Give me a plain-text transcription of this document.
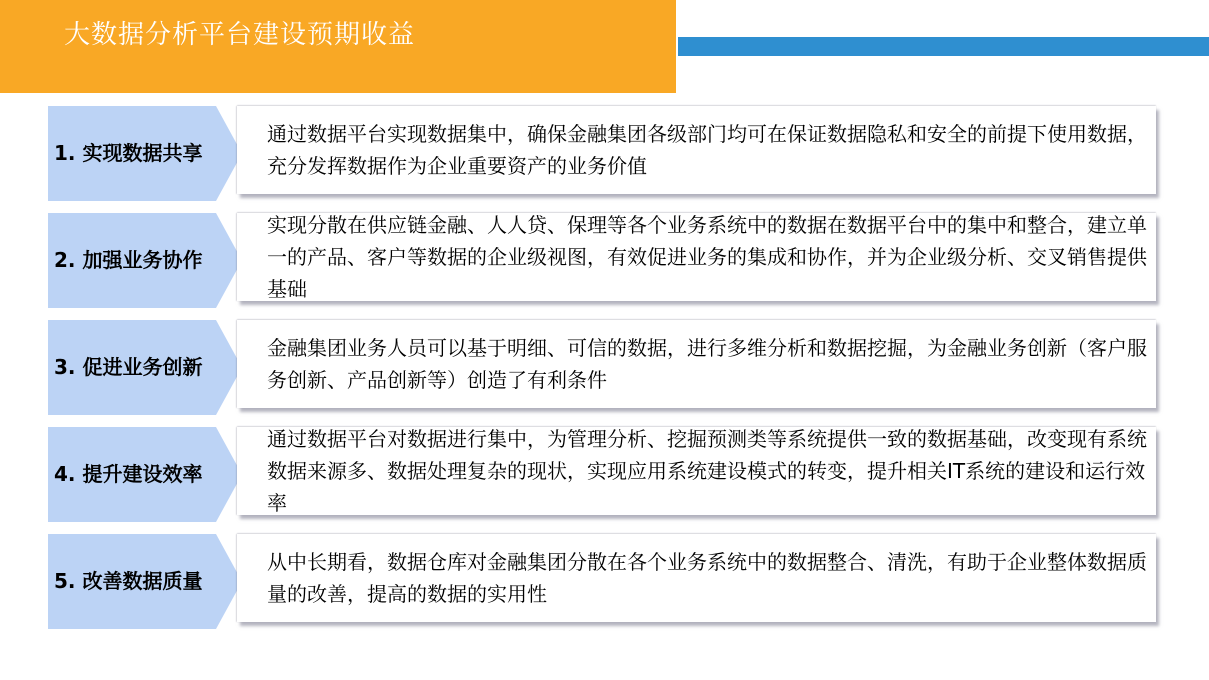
大数据分析平台建设预期收益
1. 实现数据共享
通过数据平台实现数据集中，确保金融集团各级部门均可在保证数据隐私和安全的前提下使用数据，充分发挥数据作为企业重要资产的业务价值
2. 加强业务协作
实现分散在供应链金融、人人贷、保理等各个业务系统中的数据在数据平台中的集中和整合，建立单一的产品、客户等数据的企业级视图，有效促进业务的集成和协作，并为企业级分析、交叉销售提供基础
3. 促进业务创新
金融集团业务人员可以基于明细、可信的数据，进行多维分析和数据挖掘，为金融业务创新（客户服务创新、产品创新等）创造了有利条件
4. 提升建设效率
通过数据平台对数据进行集中，为管理分析、挖掘预测类等系统提供一致的数据基础，改变现有系统数据来源多、数据处理复杂的现状，实现应用系统建设模式的转变，提升相关IT系统的建设和运行效率
5. 改善数据质量
从中长期看，数据仓库对金融集团分散在各个业务系统中的数据整合、清洗，有助于企业整体数据质量的改善，提高的数据的实用性
